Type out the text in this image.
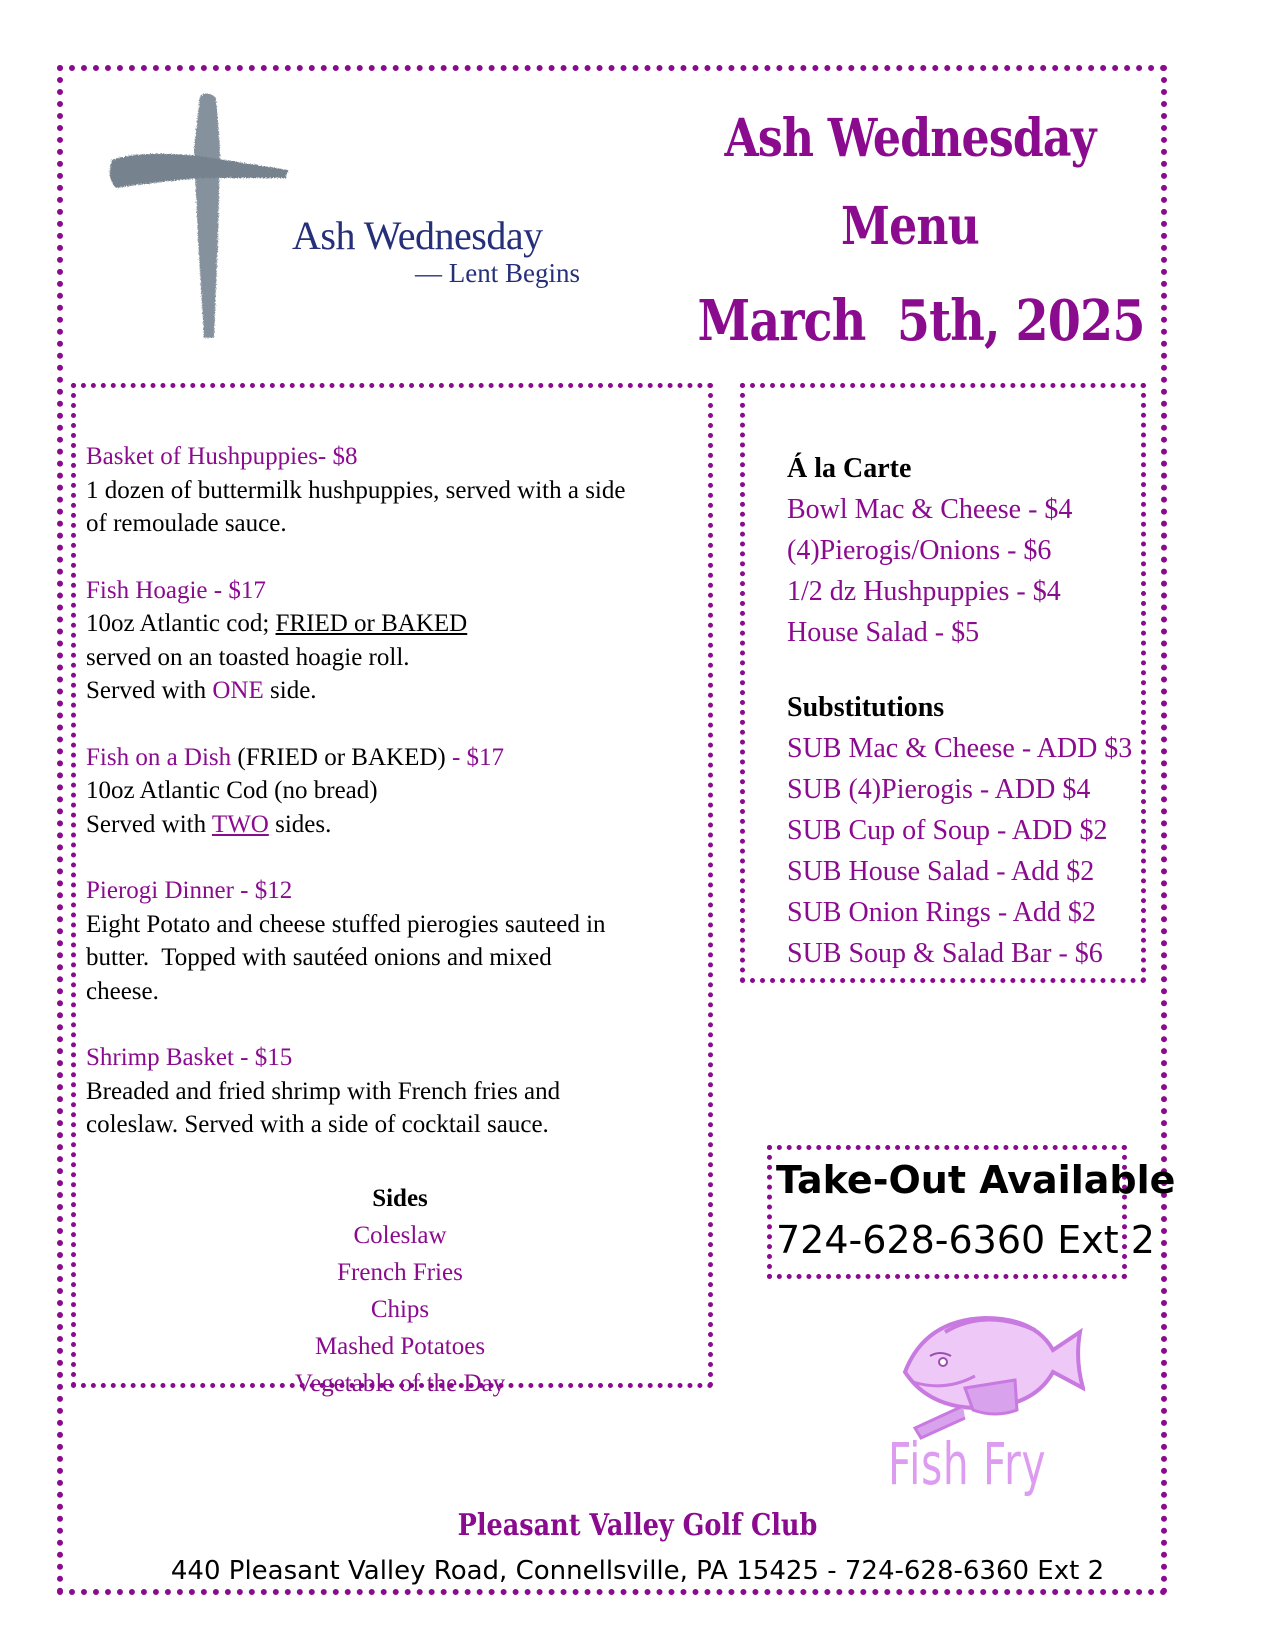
Ash Wednesday
— Lent Begins
Ash Wednesday
Menu
March  5th, 2025
Basket of Hushpuppies- $8
1 dozen of buttermilk hushpuppies, served with a side
of remoulade sauce.
Fish Hoagie - $17
10oz Atlantic cod; FRIED or BAKED
served on an toasted hoagie roll.
Served with ONE side.
Fish on a Dish (FRIED or BAKED) - $17
10oz Atlantic Cod (no bread)
Served with TWO sides.
Pierogi Dinner - $12
Eight Potato and cheese stuffed pierogies sauteed in
butter.  Topped with sautéed onions and mixed
cheese.
Shrimp Basket - $15
Breaded and fried shrimp with French fries and
coleslaw. Served with a side of cocktail sauce.
Sides
Coleslaw
French Fries
Chips
Mashed Potatoes
Vegetable of the Day
Á la Carte
Bowl Mac & Cheese - $4
(4)Pierogis/Onions - $6
1/2 dz Hushpuppies - $4
House Salad - $5
Substitutions
SUB Mac & Cheese - ADD $3
SUB (4)Pierogis - ADD $4
SUB Cup of Soup - ADD $2
SUB House Salad - Add $2
SUB Onion Rings - Add $2
SUB Soup & Salad Bar - $6
Take-Out Available
724-628-6360 Ext 2
Fish Fry
Pleasant Valley Golf Club
440 Pleasant Valley Road, Connellsville, PA 15425 - 724-628-6360 Ext 2
